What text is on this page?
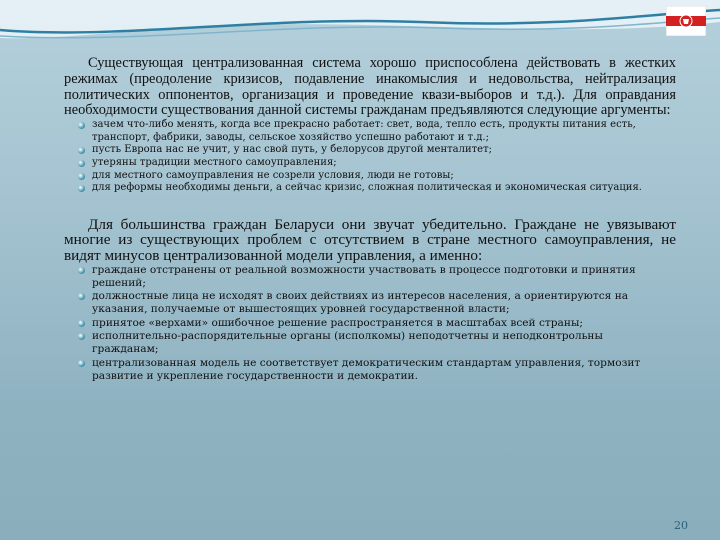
Существующая централизованная система хорошо приспособлена действовать в жестких режимах (преодоление кризисов, подавление инакомыслия и недовольства, нейтрализация политических оппонентов, организация и проведение квази-выборов и т.д.). Для оправдания необходимости существования данной системы гражданам предъявляются следующие аргументы:

зачем что-либо менять, когда все прекрасно работает: свет, вода, тепло есть, продукты питания есть, транспорт, фабрики, заводы, сельское хозяйство успешно работают и т.д.;
пусть Европа нас не учит, у нас свой путь, у белорусов другой менталитет;
утеряны традиции местного самоуправления;
для местного самоуправления не созрели условия, люди не готовы;
для реформы необходимы деньги, а сейчас кризис, сложная политическая и экономическая ситуация.

Для большинства граждан Беларуси они звучат убедительно. Граждане не увязывают многие из существующих проблем с отсутствием в стране местного самоуправления, не видят минусов централизованной модели управления, а именно:

граждане отстранены от реальной возможности участвовать в процессе подготовки и принятия решений;
должностные лица не исходят в своих действиях из интересов населения, а ориентируются на указания, получаемые от вышестоящих уровней государственной власти;
принятое «верхами» ошибочное решение распространяется в масштабах всей страны;
исполнительно-распорядительные органы (исполкомы) неподотчетны и неподконтрольны гражданам;
централизованная модель не соответствует демократическим стандартам управления, тормозит развитие и укрепление государственности и демократии.
20
